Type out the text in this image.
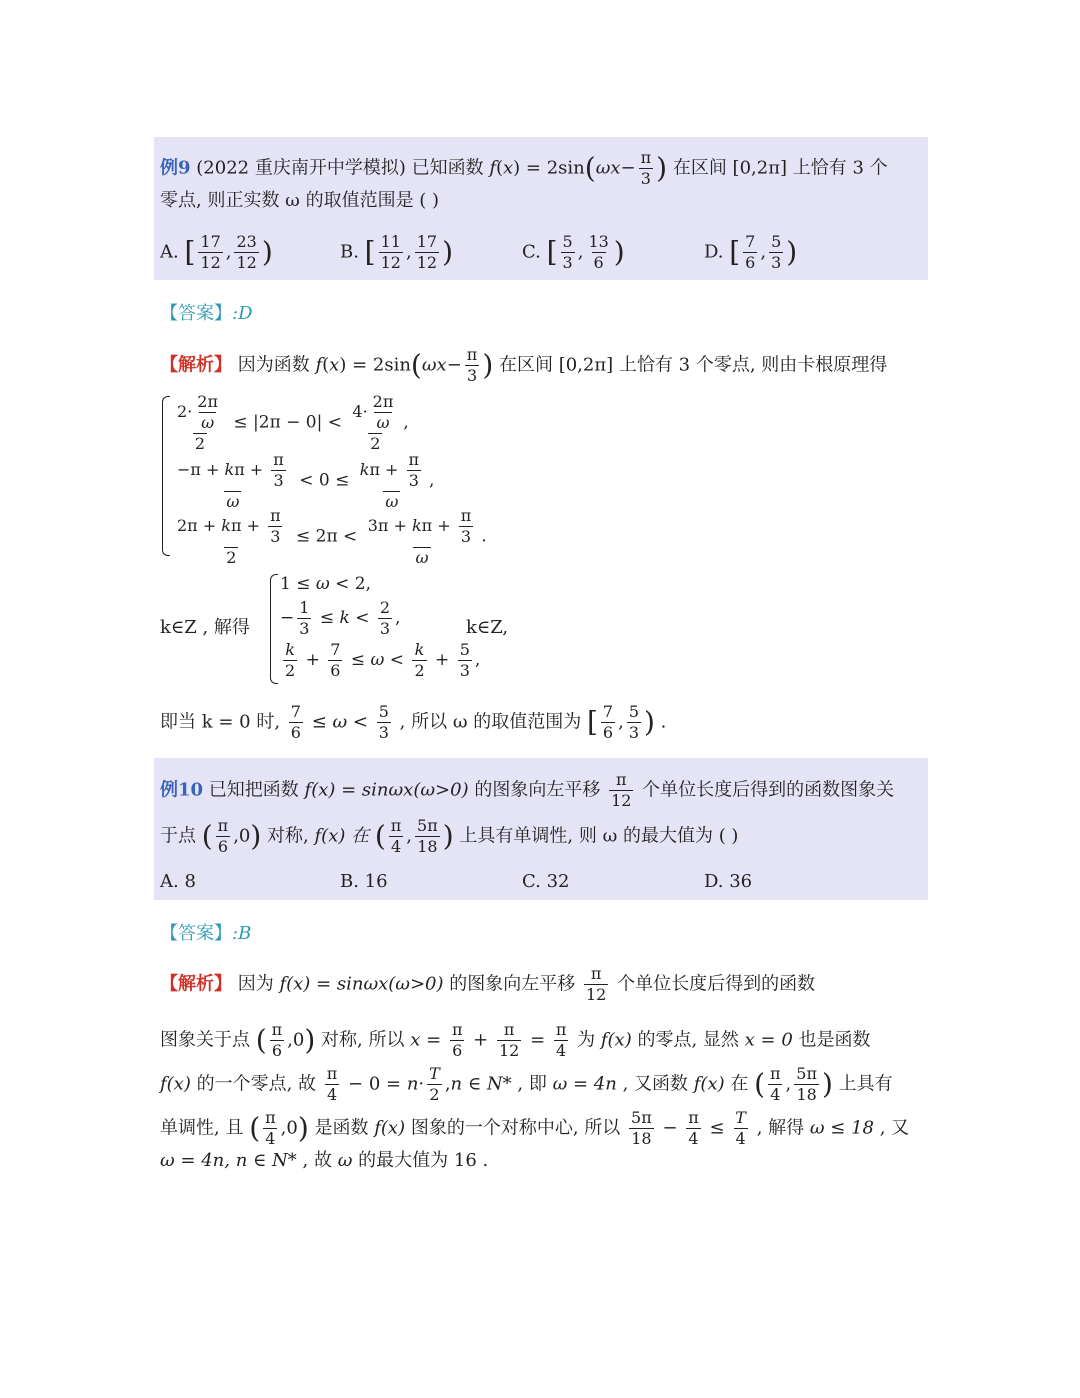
例9 (2022 重庆南开中学模拟) 已知函数 $f(x) = 2\sin(\omega x- \frac{\pi}{3}$ ) 在区间 [0,2π] 上恰有 3 个
零点, 则正实数 ω 的取值范围是 ( )
A. [ $\frac{17}{12}$ , $\frac{23}{12}$ )	B. [ $\frac{11}{12}$ , $\frac{17}{12}$ )	C. [ $\frac{5}{3}$ , $\frac{13}{6}$ )	D. [ $\frac{7}{6}$ , $\frac{5}{3}$ )
【答案】:D
【解析】 因为函数 $f(x) = 2\sin(\omega x- \frac{\pi}{3}$ ) 在区间 [0,2π] 上恰有 3 个零点, 则由卡根原理得
$\frac{2\cdot \frac{2\pi}{\omega}}{2} \le |2\pi - 0| < \frac{4\cdot \frac{2\pi}{\omega}}{2}$ ,
$\frac{-\pi + k\pi + \frac{\pi}{3}}{\omega} < 0 \le \frac{k\pi + \frac{\pi}{3}}{\omega}$ ,
$\frac{2\pi + k\pi + \frac{\pi}{3}}{2} \le 2\pi < \frac{3\pi + k\pi + \frac{\pi}{3}}{\omega}$ .
k∈Z , 解得
1 ≤ ω < 2,
− $\frac{1}{3} \le k < \frac{2}{3}$ ,
$\frac{k}{2} + \frac{7}{6} \le \omega < \frac{k}{2} + \frac{5}{3}$ ,
k∈Z,
即当 k = 0 时, $\frac{7}{6} \le \omega < \frac{5}{3}$ , 所以 ω 的取值范围为 [ $\frac{7}{6}$ , $\frac{5}{3}$ ) .
例10 已知把函数 f(x) = sinωx(ω>0) 的图象向左平移 $\frac{\pi}{12}$ 个单位长度后得到的函数图象关
于点 ( $\frac{\pi}{6} ,0$) 对称, f(x) 在 ( $\frac{\pi}{4}$ , $\frac{5\pi}{18}$ ) 上具有单调性, 则 ω 的最大值为 ( )
A. 8	B. 16	C. 32	D. 36
【答案】:B
【解析】 因为 f(x) = sinωx(ω>0) 的图象向左平移 $\frac{\pi}{12}$ 个单位长度后得到的函数
图象关于点 ( $\frac{\pi}{6} ,0$) 对称, 所以 $x = \frac{\pi}{6} + \frac{\pi}{12} = \frac{\pi}{4}$ 为 f(x) 的零点, 显然 x = 0 也是函数
f(x) 的一个零点, 故 $\frac{\pi}{4} - 0 = n\cdot \frac{T}{2} ,n$ ∈ N* , 即 ω = 4n , 又函数 f(x) 在 ( $\frac{\pi}{4}$ , $\frac{5\pi}{18}$ ) 上具有
单调性, 且 ( $\frac{\pi}{4} ,0$) 是函数 f(x) 图象的一个对称中心, 所以 $\frac{5\pi}{18} - \frac{\pi}{4} \le \frac{T}{4}$ , 解得 ω ≤ 18 , 又
ω = 4n, n ∈ N* , 故 ω 的最大值为 16 .
